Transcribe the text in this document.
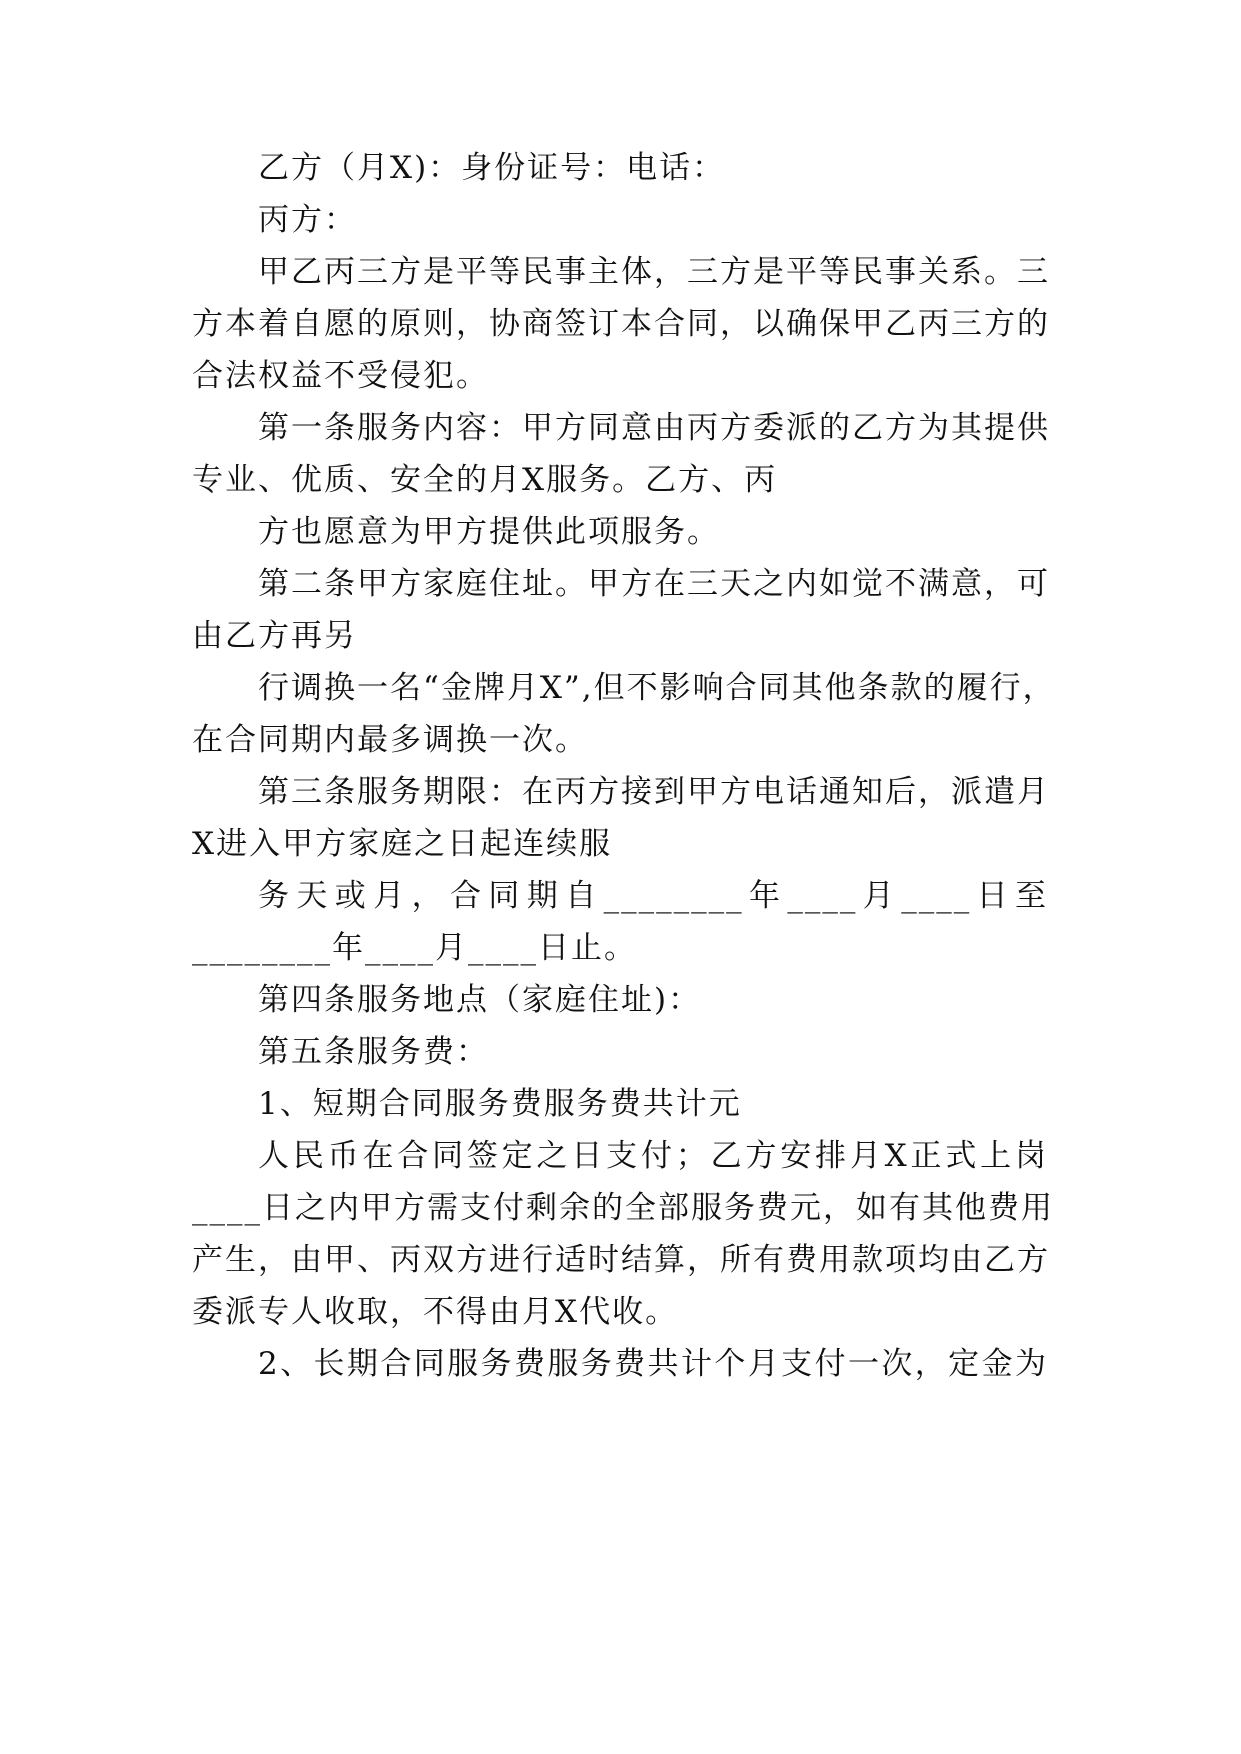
乙方（月X)：身份证号：电话：
丙方：
甲乙丙三方是平等民事主体，三方是平等民事关系。三
方本着自愿的原则，协商签订本合同，以确保甲乙丙三方的
合法权益不受侵犯。
第一条服务内容：甲方同意由丙方委派的乙方为其提供
专业、优质、安全的月X服务。乙方、丙
方也愿意为甲方提供此项服务。
第二条甲方家庭住址。甲方在三天之内如觉不满意，可
由乙方再另
行调换一名“金牌月X”,但不影响合同其他条款的履行，
在合同期内最多调换一次。
第三条服务期限：在丙方接到甲方电话通知后，派遣月
X进入甲方家庭之日起连续服
务天或月，合同期自________年____月____日至
________年____月____日止。
第四条服务地点（家庭住址)：
第五条服务费：
1、短期合同服务费服务费共计元
人民币在合同签定之日支付；乙方安排月X正式上岗
____日之内甲方需支付剩余的全部服务费元，如有其他费用
产生，由甲、丙双方进行适时结算，所有费用款项均由乙方
委派专人收取，不得由月X代收。
2、长期合同服务费服务费共计个月支付一次，定金为
